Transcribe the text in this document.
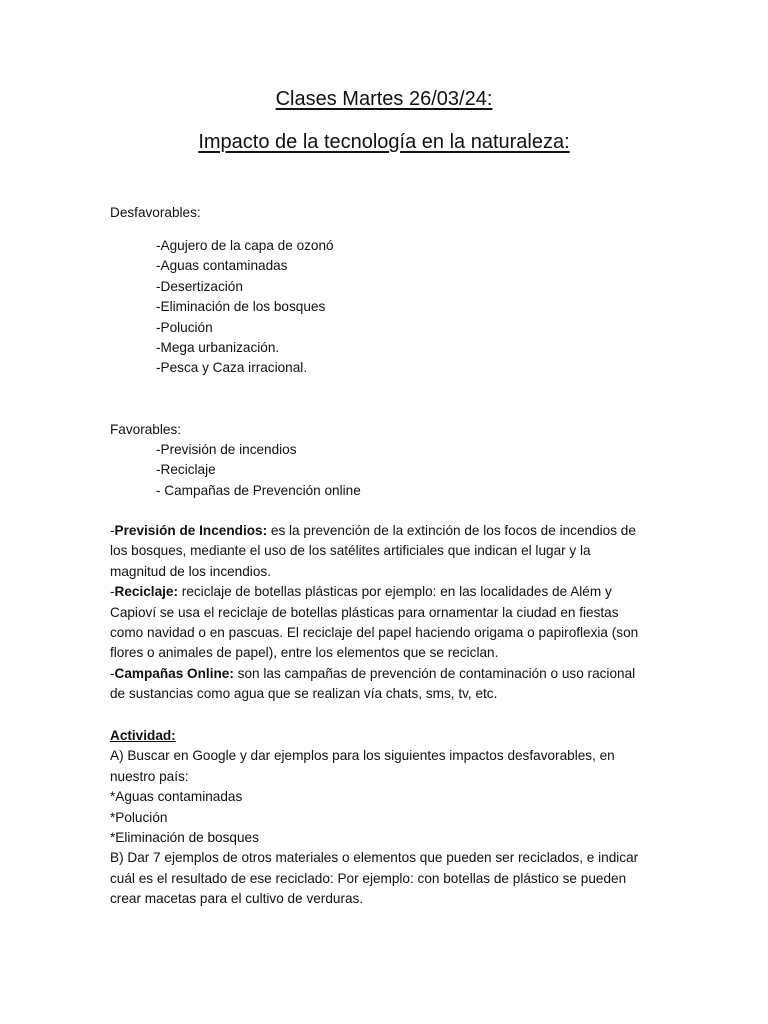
Clases Martes 26/03/24:
Impacto de la tecnología en la naturaleza:

Desfavorables:

-Agujero de la capa de ozonó
-Aguas contaminadas
-Desertización
-Eliminación de los bosques
-Polución
-Mega urbanización.
-Pesca y Caza irracional.

Favorables:

-Previsión de incendios
-Reciclaje
- Campañas de Prevención online
-Previsión de Incendios: es la prevención de la extinción de los focos de incendios de los bosques, mediante el uso de los satélites artificiales que indican el lugar y la magnitud de los incendios.
-Reciclaje: reciclaje de botellas plásticas por ejemplo: en las localidades de Além y Capioví se usa el reciclaje de botellas plásticas para ornamentar la ciudad en fiestas como navidad o en pascuas. El reciclaje del papel haciendo origama o papiroflexia (son flores o animales de papel), entre los elementos que se reciclan.
-Campañas Online: son las campañas de prevención de contaminación o uso racional de sustancias como agua que se realizan vía chats, sms, tv, etc.
Actividad:
A) Buscar en Google y dar ejemplos para los siguientes impactos desfavorables, en nuestro país:
*Aguas contaminadas
*Polución
*Eliminación de bosques
B) Dar 7 ejemplos de otros materiales o elementos que pueden ser reciclados, e indicar cuál es el resultado de ese reciclado: Por ejemplo: con botellas de plástico se pueden crear macetas para el cultivo de verduras.
